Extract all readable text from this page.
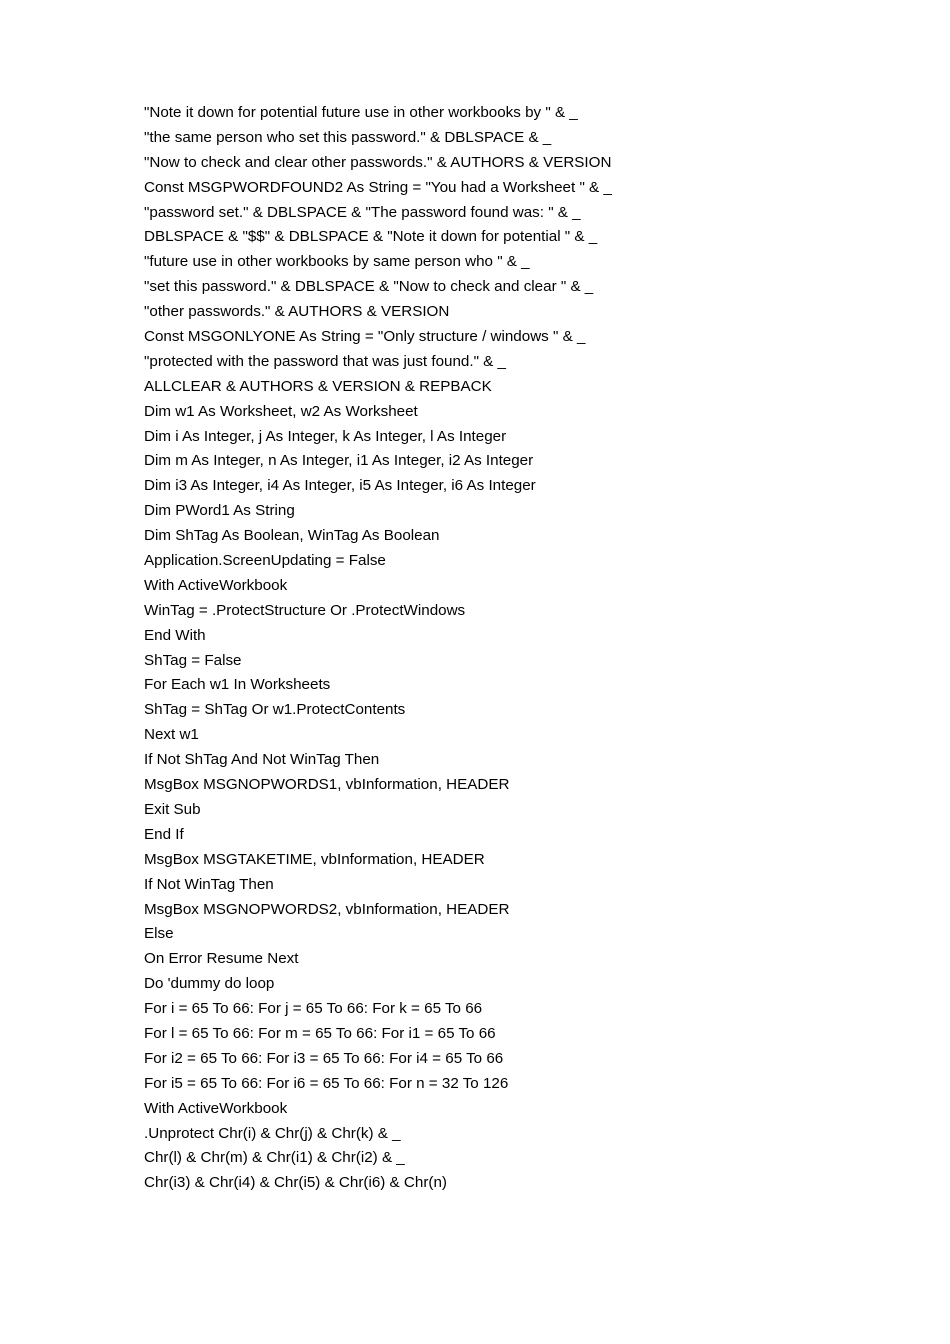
"Note it down for potential future use in other workbooks by " & _
"the same person who set this password." & DBLSPACE & _
"Now to check and clear other passwords." & AUTHORS & VERSION
Const MSGPWORDFOUND2 As String = "You had a Worksheet " & _
"password set." & DBLSPACE & "The password found was: " & _
DBLSPACE & "$$" & DBLSPACE & "Note it down for potential " & _
"future use in other workbooks by same person who " & _
"set this password." & DBLSPACE & "Now to check and clear " & _
"other passwords." & AUTHORS & VERSION
Const MSGONLYONE As String = "Only structure / windows " & _
"protected with the password that was just found." & _
ALLCLEAR & AUTHORS & VERSION & REPBACK
Dim w1 As Worksheet, w2 As Worksheet
Dim i As Integer, j As Integer, k As Integer, l As Integer
Dim m As Integer, n As Integer, i1 As Integer, i2 As Integer
Dim i3 As Integer, i4 As Integer, i5 As Integer, i6 As Integer
Dim PWord1 As String
Dim ShTag As Boolean, WinTag As Boolean
Application.ScreenUpdating = False
With ActiveWorkbook
WinTag = .ProtectStructure Or .ProtectWindows
End With
ShTag = False
For Each w1 In Worksheets
ShTag = ShTag Or w1.ProtectContents
Next w1
If Not ShTag And Not WinTag Then
MsgBox MSGNOPWORDS1, vbInformation, HEADER
Exit Sub
End If
MsgBox MSGTAKETIME, vbInformation, HEADER
If Not WinTag Then
MsgBox MSGNOPWORDS2, vbInformation, HEADER
Else
On Error Resume Next
Do 'dummy do loop
For i = 65 To 66: For j = 65 To 66: For k = 65 To 66
For l = 65 To 66: For m = 65 To 66: For i1 = 65 To 66
For i2 = 65 To 66: For i3 = 65 To 66: For i4 = 65 To 66
For i5 = 65 To 66: For i6 = 65 To 66: For n = 32 To 126
With ActiveWorkbook
.Unprotect Chr(i) & Chr(j) & Chr(k) & _
Chr(l) & Chr(m) & Chr(i1) & Chr(i2) & _
Chr(i3) & Chr(i4) & Chr(i5) & Chr(i6) & Chr(n)
